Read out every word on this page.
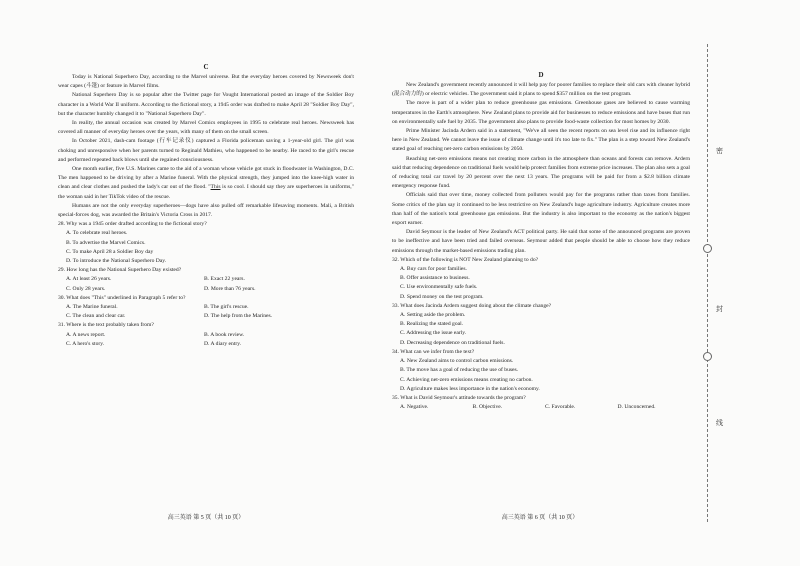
C

Today is National Superhero Day, according to the Marvel universe. But the everyday heroes covered by Newsweek don't wear capes (斗篷) or feature in Marvel films.

National Superhero Day is so popular after the Twitter page for Vought International posted an image of the Soldier Boy character in a World War II uniform. According to the fictional story, a 1945 order was drafted to make April 28 "Soldier Boy Day", but the character humbly changed it to "National Superhero Day".

In reality, the annual occasion was created by Marvel Comics employees in 1995 to celebrate real heroes. Newsweek has covered all manner of everyday heroes over the years, with many of them on the small screen.

In October 2021, dash-cam footage (行车记录仪) captured a Florida policeman saving a 1-year-old girl. The girl was choking and unresponsive when her parents turned to Reginald Mathieu, who happened to be nearby. He raced to the girl's rescue and performed repeated back blows until she regained consciousness.

One month earlier, five U.S. Marines came to the aid of a woman whose vehicle got stuck in floodwater in Washington, D.C. The men happened to be driving by after a Marine funeral. With the physical strength, they jumped into the knee-high water in clean and clear clothes and pushed the lady's car out of the flood. "This is so cool. I should say they are superheroes in uniforms," the woman said in her TikTok video of the rescue.

Humans are not the only everyday superheroes—dogs have also pulled off remarkable lifesaving moments. Mali, a British special-forces dog, was awarded the Britain's Victoria Cross in 2017.

28. Why was a 1945 order drafted according to the fictional story?
A. To celebrate real heroes.
B. To advertise the Marvel Comics.
C. To make April 28 a Soldier Boy day
D. To introduce the National Superhero Day.
29. How long has the National Superhero Day existed?
A. At least 26 years.	B. Exact 22 years.
C. Only 28 years.	D. More than 76 years.
30. What does "This" underlined in Paragraph 5 refer to?
A. The Marine funeral.	B. The girl's rescue.
C. The clean and clear car.	D. The help from the Marines.
31. Where is the text probably taken from?
A. A news report.	B. A book review.
C. A hero's story.	D. A diary entry.
D

New Zealand's government recently announced it will help pay for poorer families to replace their old cars with cleaner hybrid (混合动力的) or electric vehicles. The government said it plans to spend $357 million on the test program.

The move is part of a wider plan to reduce greenhouse gas emissions. Greenhouse gases are believed to cause warming temperatures in the Earth's atmosphere. New Zealand plans to provide aid for businesses to reduce emissions and have buses that run on environmentally safe fuel by 2035. The government also plans to provide food-waste collection for most homes by 2030.

Prime Minister Jacinda Ardern said in a statement, "We've all seen the recent reports on sea level rise and its influence right here in New Zealand. We cannot leave the issue of climate change until it's too late to fix." The plan is a step toward New Zealand's stated goal of reaching net-zero carbon emissions by 2050.

Reaching net-zero emissions means not creating more carbon in the atmosphere than oceans and forests can remove. Ardern said that reducing dependence on traditional fuels would help protect families from extreme price increases. The plan also sets a goal of reducing total car travel by 20 percent over the next 13 years. The programs will be paid for from a $2.8 billion climate emergency response fund.

Officials said that over time, money collected from polluters would pay for the programs rather than taxes from families. Some critics of the plan say it continued to be less restrictive on New Zealand's huge agriculture industry. Agriculture creates more than half of the nation's total greenhouse gas emissions. But the industry is also important to the economy as the nation's biggest export earner.

David Seymour is the leader of New Zealand's ACT political party. He said that some of the announced programs are proven to be ineffective and have been tried and failed overseas. Seymour added that people should be able to choose how they reduce emissions through the market-based emissions trading plan.

32. Which of the following is NOT New Zealand planning to do?
A. Buy cars for poor families.
B. Offer assistance to business.
C. Use environmentally safe fuels.
D. Spend money on the test program.
33. What does Jacinda Ardern suggest doing about the climate change?
A. Setting aside the problem.
B. Realizing the stated goal.
C. Addressing the issue early.
D. Decreasing dependence on traditional fuels.
34. What can we infer from the text?
A. New Zealand aims to control carbon emissions.
B. The move has a goal of reducing the use of buses.
C. Achieving net-zero emissions means creating no carbon.
D. Agriculture makes less importance in the nation's economy.
35. What is David Seymour's attitude towards the program?
A. Negative.	B. Objective.	C. Favorable.	D. Unconcerned.
高三英语 第 5 页（共 10 页）	高三英语 第 6 页（共 10 页）
密
封
线
